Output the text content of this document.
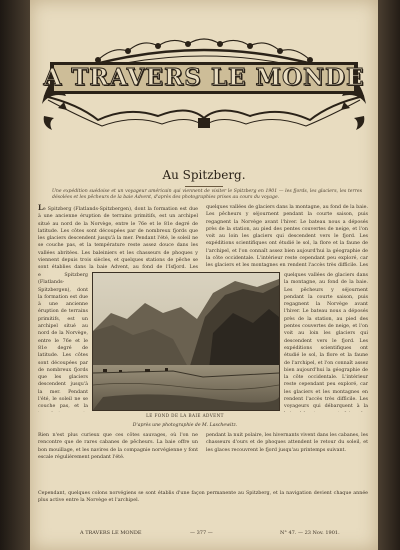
A TRAVERS LE MONDE
Au Spitzberg.
Une expédition suédoise et un voyageur américain qui viennent de visiter le Spitzberg en 1901 — les fjords, les glaciers, les terres désolées et les pêcheurs de la baie Advent, d'après des photographies prises au cours du voyage.
Le Spitzberg (Flatlands-Spitzbergen), dont la formation est due à une ancienne éruption de terrains primitifs, est un archipel situé au nord de la Norvège, entre le 76e et le 81e degré de latitude. Les côtes sont découpées par de nombreux fjords que les glaciers descendent jusqu'à la mer. Pendant l'été, le soleil ne se couche pas, et la température reste assez douce dans les vallées abritées. Les baleiniers et les chasseurs de phoques y viennent depuis trois siècles, et quelques stations de pêche se sont établies dans la baie Advent, au fond de l'Isfjord. Les
quelques vallées de glaciers dans la montagne, au fond de la baie. Les pêcheurs y séjournent pendant la courte saison, puis regagnent la Norvège avant l'hiver. Le bateau nous a déposés près de la station, au pied des pentes couvertes de neige, et l'on voit au loin les glaciers qui descendent vers le fjord. Les expéditions scientifiques ont étudié le sol, la flore et la faune de l'archipel, et l'on connaît assez bien aujourd'hui la géographie de la côte occidentale. L'intérieur reste cependant peu exploré, car les glaciers et les montagnes en rendent l'accès très difficile. Les
e Spitzberg (Flatlands-Spitzbergen), dont la formation est due à une ancienne éruption de terrains primitifs, est un archipel situé au nord de la Norvège, entre le 76e et le 81e degré de latitude. Les côtes sont découpées par de nombreux fjords que les glaciers descendent jusqu'à la mer. Pendant l'été, le soleil ne se couche pas, et la
quelques vallées de glaciers dans la montagne, au fond de la baie. Les pêcheurs y séjournent pendant la courte saison, puis regagnent la Norvège avant l'hiver. Le bateau nous a déposés près de la station, au pied des pentes couvertes de neige, et l'on voit au loin les glaciers qui descendent vers le fjord. Les expéditions scientifiques ont étudié le sol, la flore et la faune de l'archipel, et l'on connaît assez bien aujourd'hui la géographie de la côte occidentale. L'intérieur reste cependant peu exploré, car les glaciers et les montagnes en rendent l'accès très difficile. Les voyageurs qui débarquent à la
LE FOND DE LA BAIE ADVENT
D'après une photographie de M. Laschewitz.
Rien n'est plus curieux que ces côtes sauvages, où l'on ne rencontre que de rares cabanes de pêcheurs. La baie offre un bon mouillage, et les navires de la compagnie norvégienne y font escale régulièrement pendant l'été.
pendant la nuit polaire, les hivernants vivent dans les cabanes, les chasseurs d'ours et de phoques attendent le retour du soleil, et les glaces recouvrent le fjord jusqu'au printemps suivant.
Cependant, quelques colons norvégiens se sont établis d'une façon permanente au Spitzberg, et la navigation devient chaque année plus active entre la Norvège et l'archipel.
A TRAVERS LE MONDE	— 377 —	N° 47. — 23 Nov. 1901.
